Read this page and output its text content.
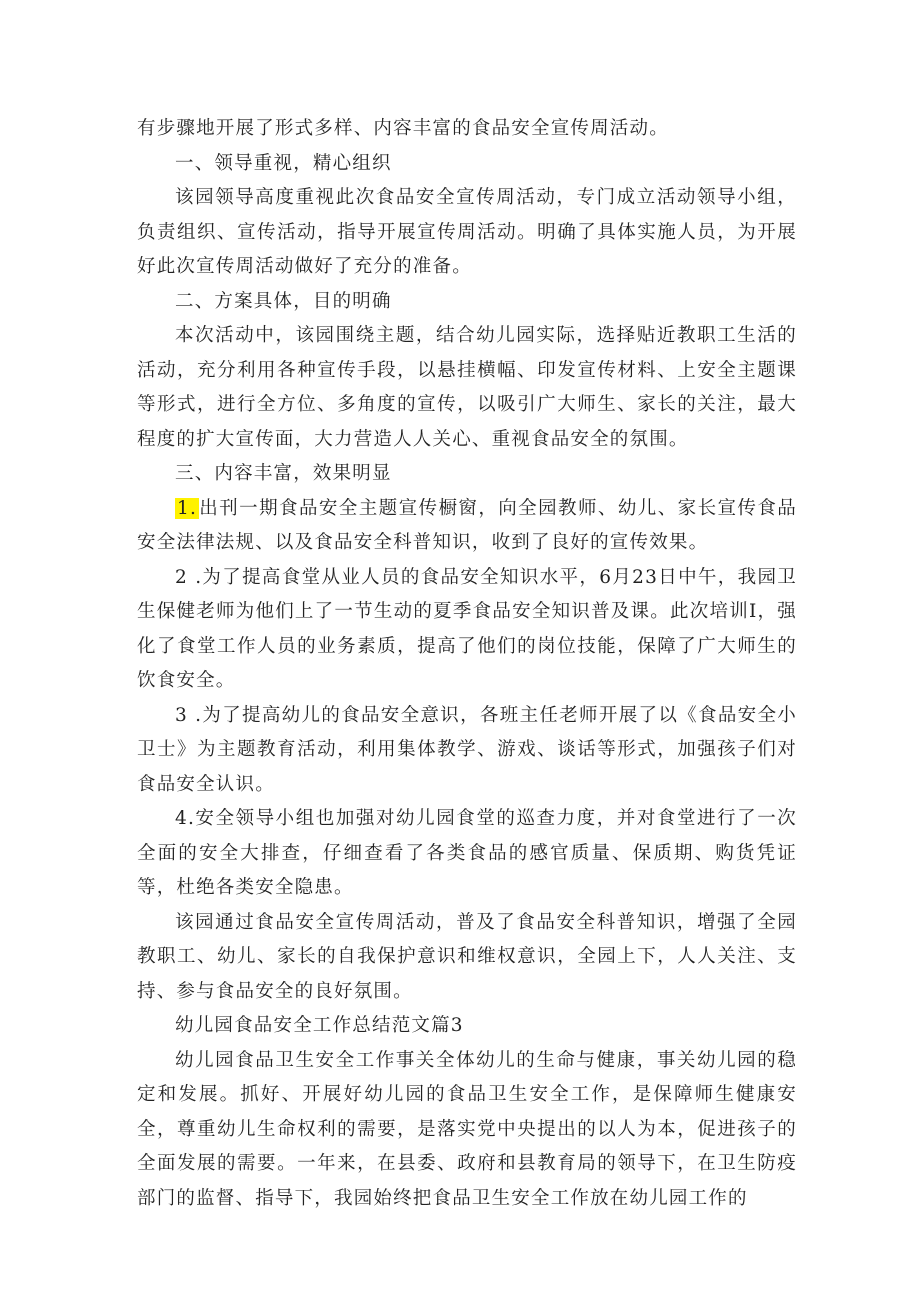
有步骤地开展了形式多样、内容丰富的食品安全宣传周活动。

一、领导重视，精心组织

该园领导高度重视此次食品安全宣传周活动，专门成立活动领导小组，负责组织、宣传活动，指导开展宣传周活动。明确了具体实施人员，为开展好此次宣传周活动做好了充分的准备。

二、方案具体，目的明确

本次活动中，该园围绕主题，结合幼儿园实际，选择贴近教职工生活的活动，充分利用各种宣传手段，以悬挂横幅、印发宣传材料、上安全主题课等形式，进行全方位、多角度的宣传，以吸引广大师生、家长的关注，最大程度的扩大宣传面，大力营造人人关心、重视食品安全的氛围。

三、内容丰富，效果明显

1. 出刊一期食品安全主题宣传橱窗，向全园教师、幼儿、家长宣传食品安全法律法规、以及食品安全科普知识，收到了良好的宣传效果。

2 .为了提高食堂从业人员的食品安全知识水平，6月23日中午，我园卫生保健老师为他们上了一节生动的夏季食品安全知识普及课。此次培训I，强化了食堂工作人员的业务素质，提高了他们的岗位技能，保障了广大师生的饮食安全。

3 .为了提高幼儿的食品安全意识，各班主任老师开展了以《食品安全小卫士》为主题教育活动，利用集体教学、游戏、谈话等形式，加强孩子们对食品安全认识。

4.安全领导小组也加强对幼儿园食堂的巡查力度，并对食堂进行了一次全面的安全大排查，仔细查看了各类食品的感官质量、保质期、购货凭证等，杜绝各类安全隐患。

该园通过食品安全宣传周活动，普及了食品安全科普知识，增强了全园教职工、幼儿、家长的自我保护意识和维权意识，全园上下，人人关注、支持、参与食品安全的良好氛围。

幼儿园食品安全工作总结范文篇3

幼儿园食品卫生安全工作事关全体幼儿的生命与健康，事关幼儿园的稳定和发展。抓好、开展好幼儿园的食品卫生安全工作，是保障师生健康安全，尊重幼儿生命权利的需要，是落实党中央提出的以人为本，促进孩子的全面发展的需要。一年来，在县委、政府和县教育局的领导下，在卫生防疫部门的监督、指导下，我园始终把食品卫生安全工作放在幼儿园工作的
